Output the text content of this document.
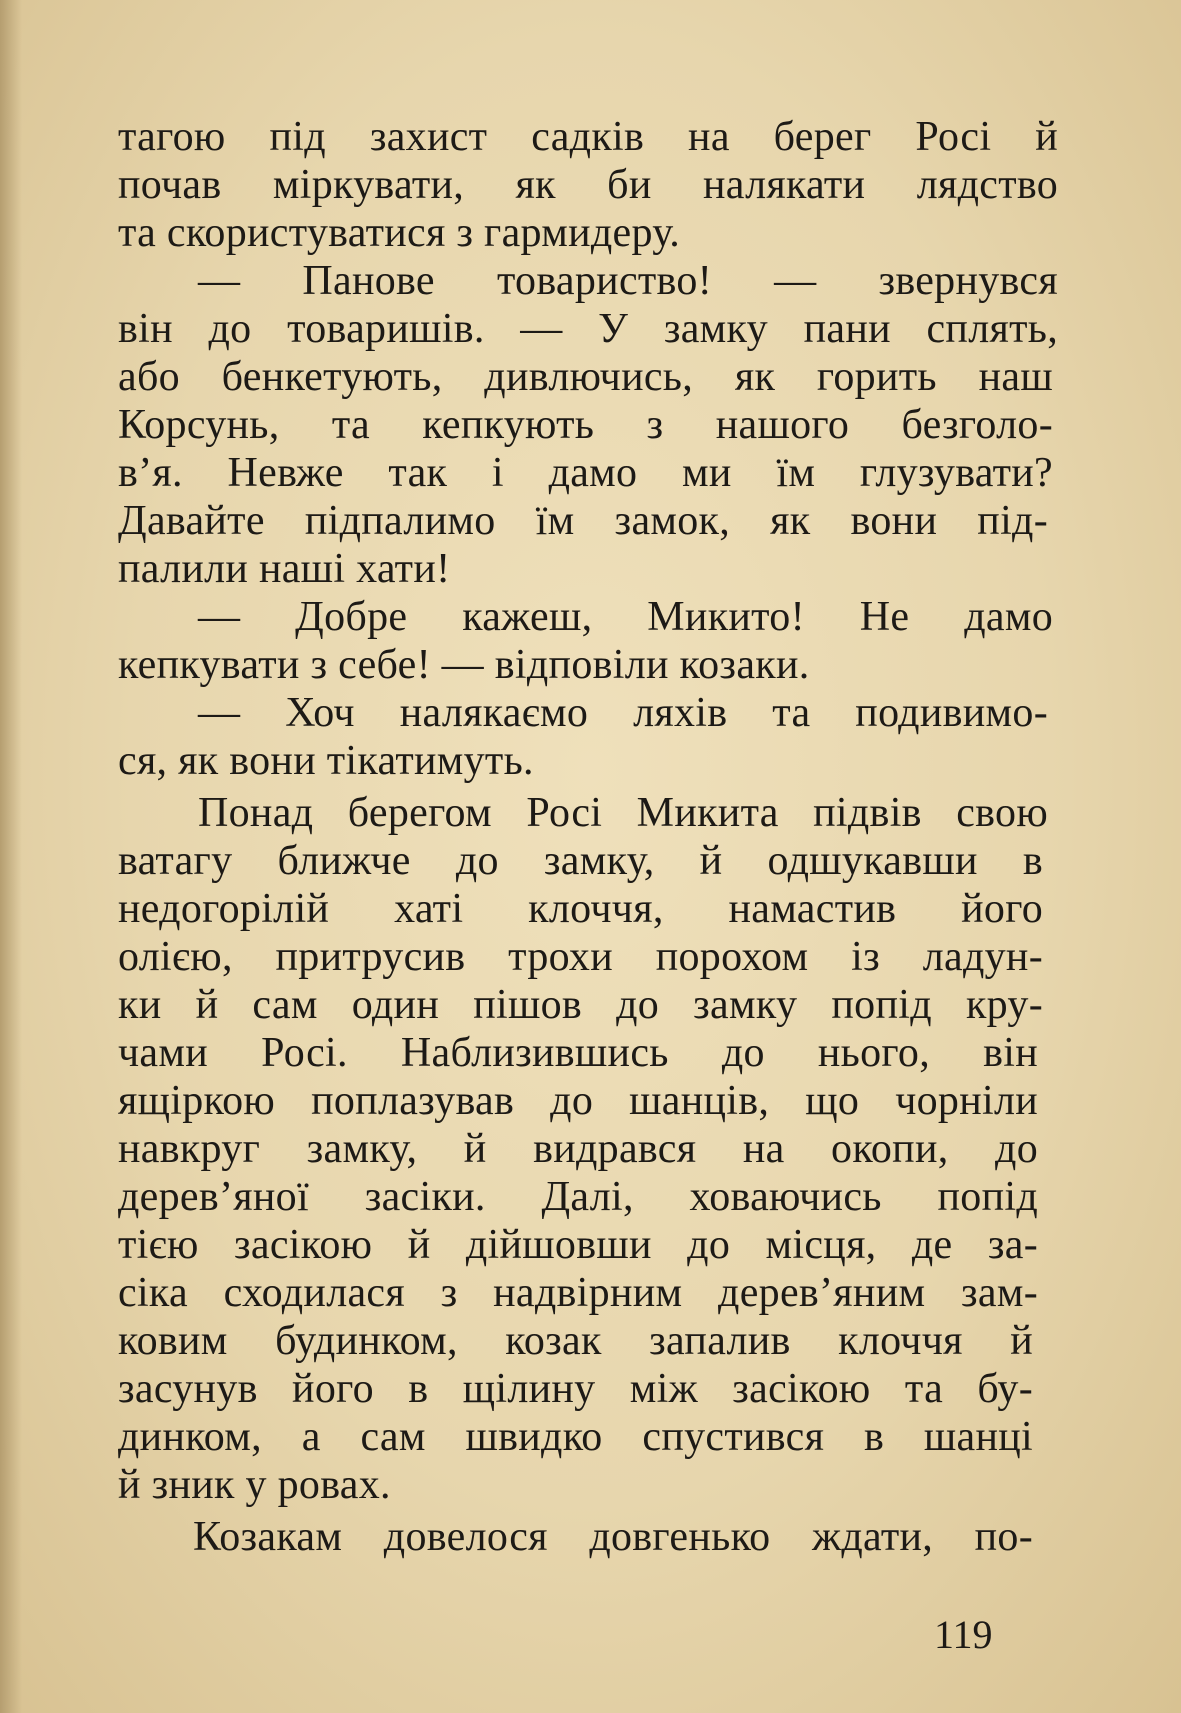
тагою під захист садків на берег Росі й
почав міркувати, як би налякати лядство
та скористуватися з гармидеру.
— Панове товариство! — звернувся
він до товаришів. — У замку пани сплять,
або бенкетують, дивлючись, як горить наш
Корсунь, та кепкують з нашого безголо-
в’я. Невже так і дамо ми їм глузувати?
Давайте підпалимо їм замок, як вони під-
палили наші хати!
— Добре кажеш, Микито! Не дамо
кепкувати з себе! — відповіли козаки.
— Хоч налякаємо ляхів та подивимо-
ся, як вони тікатимуть.
Понад берегом Росі Микита підвів свою
ватагу ближче до замку, й одшукавши в
недогорілій хаті клоччя, намастив його
олією, притрусив трохи порохом із ладун-
ки й сам один пішов до замку попід кру-
чами Росі. Наблизившись до нього, він
ящіркою поплазував до шанців, що чорніли
навкруг замку, й видрався на окопи, до
дерев’яної засіки. Далі, ховаючись попід
тією засікою й дійшовши до місця, де за-
сіка сходилася з надвірним дерев’яним зам-
ковим будинком, козак запалив клоччя й
засунув його в щілину між засікою та бу-
динком, а сам швидко спустився в шанці
й зник у ровах.
Козакам довелося довгенько ждати, по-
119
